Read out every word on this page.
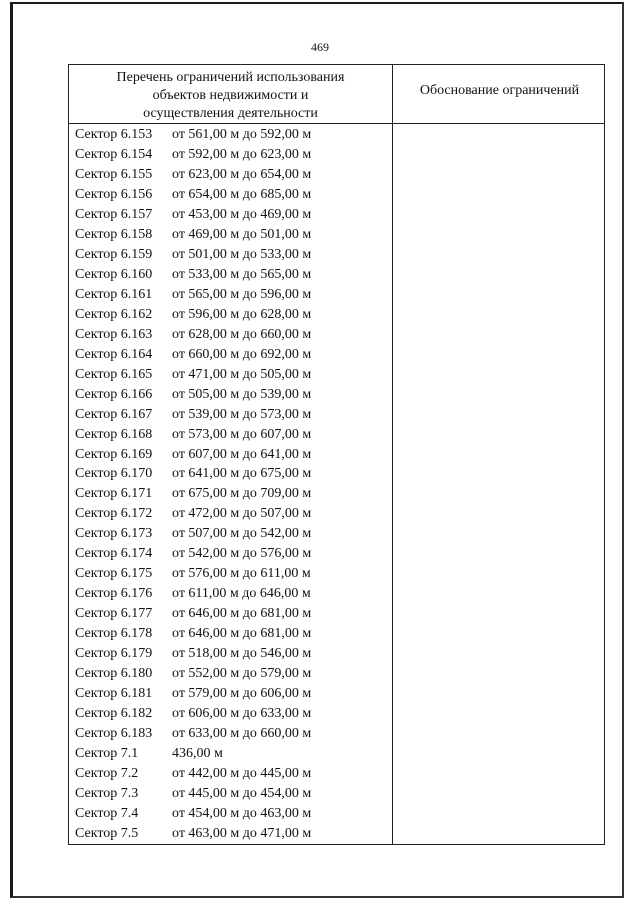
469
Перечень ограничений использования
объектов недвижимости и
осуществления деятельности
Обоснование ограничений
Сектор 6.153 от 561,00 м до 592,00 м
Сектор 6.154 от 592,00 м до 623,00 м
Сектор 6.155 от 623,00 м до 654,00 м
Сектор 6.156 от 654,00 м до 685,00 м
Сектор 6.157 от 453,00 м до 469,00 м
Сектор 6.158 от 469,00 м до 501,00 м
Сектор 6.159 от 501,00 м до 533,00 м
Сектор 6.160 от 533,00 м до 565,00 м
Сектор 6.161 от 565,00 м до 596,00 м
Сектор 6.162 от 596,00 м до 628,00 м
Сектор 6.163 от 628,00 м до 660,00 м
Сектор 6.164 от 660,00 м до 692,00 м
Сектор 6.165 от 471,00 м до 505,00 м
Сектор 6.166 от 505,00 м до 539,00 м
Сектор 6.167 от 539,00 м до 573,00 м
Сектор 6.168 от 573,00 м до 607,00 м
Сектор 6.169 от 607,00 м до 641,00 м
Сектор 6.170 от 641,00 м до 675,00 м
Сектор 6.171 от 675,00 м до 709,00 м
Сектор 6.172 от 472,00 м до 507,00 м
Сектор 6.173 от 507,00 м до 542,00 м
Сектор 6.174 от 542,00 м до 576,00 м
Сектор 6.175 от 576,00 м до 611,00 м
Сектор 6.176 от 611,00 м до 646,00 м
Сектор 6.177 от 646,00 м до 681,00 м
Сектор 6.178 от 646,00 м до 681,00 м
Сектор 6.179 от 518,00 м до 546,00 м
Сектор 6.180 от 552,00 м до 579,00 м
Сектор 6.181 от 579,00 м до 606,00 м
Сектор 6.182 от 606,00 м до 633,00 м
Сектор 6.183 от 633,00 м до 660,00 м
Сектор 7.1 436,00 м
Сектор 7.2 от 442,00 м до 445,00 м
Сектор 7.3 от 445,00 м до 454,00 м
Сектор 7.4 от 454,00 м до 463,00 м
Сектор 7.5 от 463,00 м до 471,00 м
